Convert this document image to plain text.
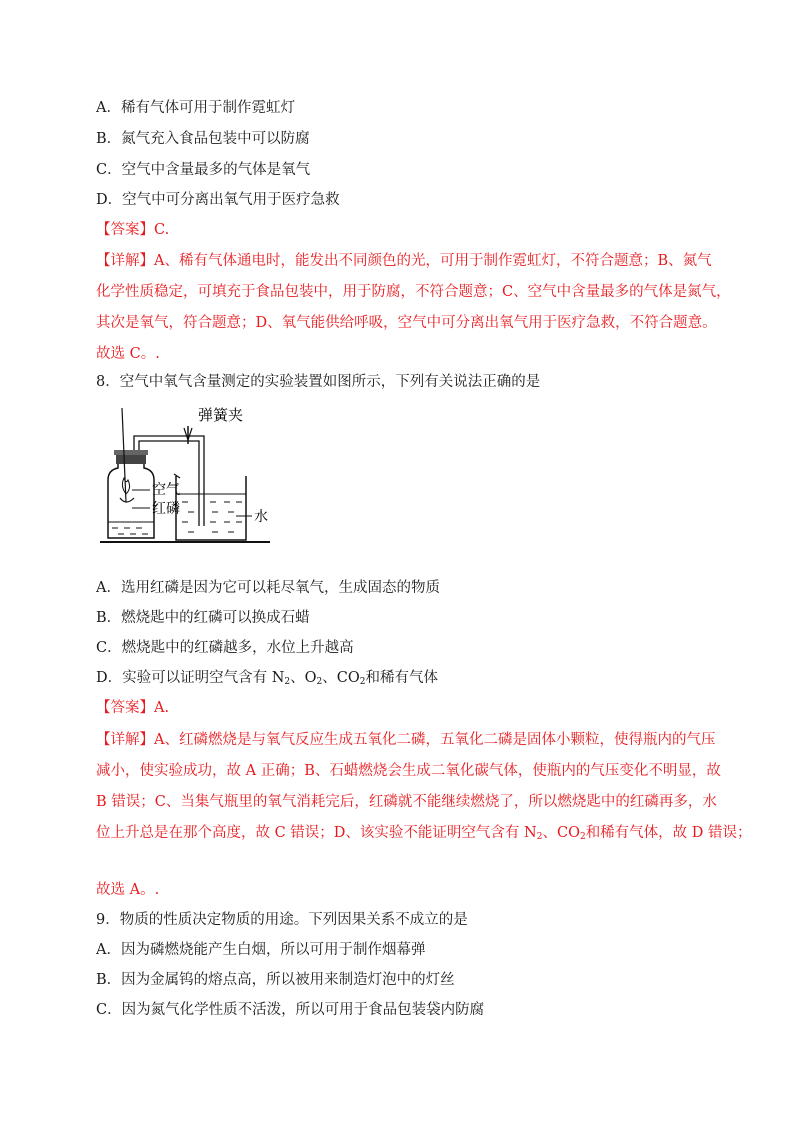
A．稀有气体可用于制作霓虹灯
B．氮气充入食品包装中可以防腐
C．空气中含量最多的气体是氧气
D．空气中可分离出氧气用于医疗急救
【答案】C.
【详解】A、稀有气体通电时，能发出不同颜色的光，可用于制作霓虹灯，不符合题意；B、氮气
化学性质稳定，可填充于食品包装中，用于防腐，不符合题意；C、空气中含量最多的气体是氮气，
其次是氧气，符合题意；D、氧气能供给呼吸，空气中可分离出氧气用于医疗急救，不符合题意。
故选 C。.
8．空气中氧气含量测定的实验装置如图所示，下列有关说法正确的是
弹簧夹
空气
红磷	水
A．选用红磷是因为它可以耗尽氧气，生成固态的物质
B．燃烧匙中的红磷可以换成石蜡
C．燃烧匙中的红磷越多，水位上升越高
D．实验可以证明空气含有 $N_2$、$O_2$、$CO_2$和稀有气体
【答案】A.
【详解】A、红磷燃烧是与氧气反应生成五氧化二磷，五氧化二磷是固体小颗粒，使得瓶内的气压
减小，使实验成功，故 A 正确；B、石蜡燃烧会生成二氧化碳气体，使瓶内的气压变化不明显，故
B 错误；C、当集气瓶里的氧气消耗完后，红磷就不能继续燃烧了，所以燃烧匙中的红磷再多，水
位上升总是在那个高度，故 C 错误；D、该实验不能证明空气含有 $N_2$、$CO_2$和稀有气体，故 D 错误；
故选 A。.
9．物质的性质决定物质的用途。下列因果关系不成立的是
A．因为磷燃烧能产生白烟，所以可用于制作烟幕弹
B．因为金属钨的熔点高，所以被用来制造灯泡中的灯丝
C．因为氮气化学性质不活泼，所以可用于食品包装袋内防腐
